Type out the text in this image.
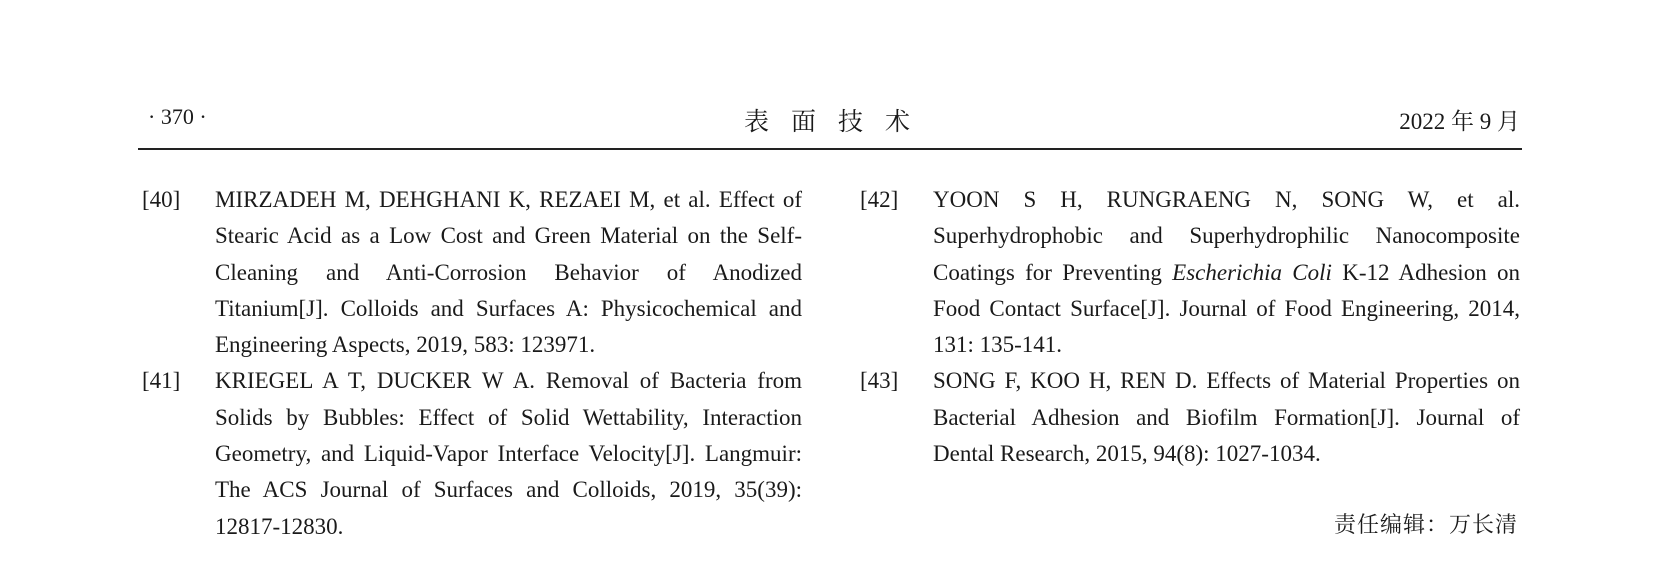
· 370 ·	表面技术	2022 年 9 月
[40] MIRZADEH M, DEHGHANI K, REZAEI M, et al. Effect of Stearic Acid as a Low Cost and Green Material on the Self-Cleaning and Anti-Corrosion Behavior of Anodized Titanium[J]. Colloids and Surfaces A: Physicochemical and Engineering Aspects, 2019, 583: 123971.
[41] KRIEGEL A T, DUCKER W A. Removal of Bacteria from Solids by Bubbles: Effect of Solid Wettability, Interaction Geometry, and Liquid-Vapor Interface Velocity[J]. Langmuir: The ACS Journal of Surfaces and Colloids, 2019, 35(39): 12817-12830.
[42] YOON S H, RUNGRAENG N, SONG W, et al. Superhydrophobic and Superhydrophilic Nanocomposite Coatings for Preventing Escherichia Coli K-12 Adhesion on Food Contact Surface[J]. Journal of Food Engineering, 2014, 131: 135-141.
[43] SONG F, KOO H, REN D. Effects of Material Properties on Bacterial Adhesion and Biofilm Formation[J]. Journal of Dental Research, 2015, 94(8): 1027-1034.
责任编辑：万长清
